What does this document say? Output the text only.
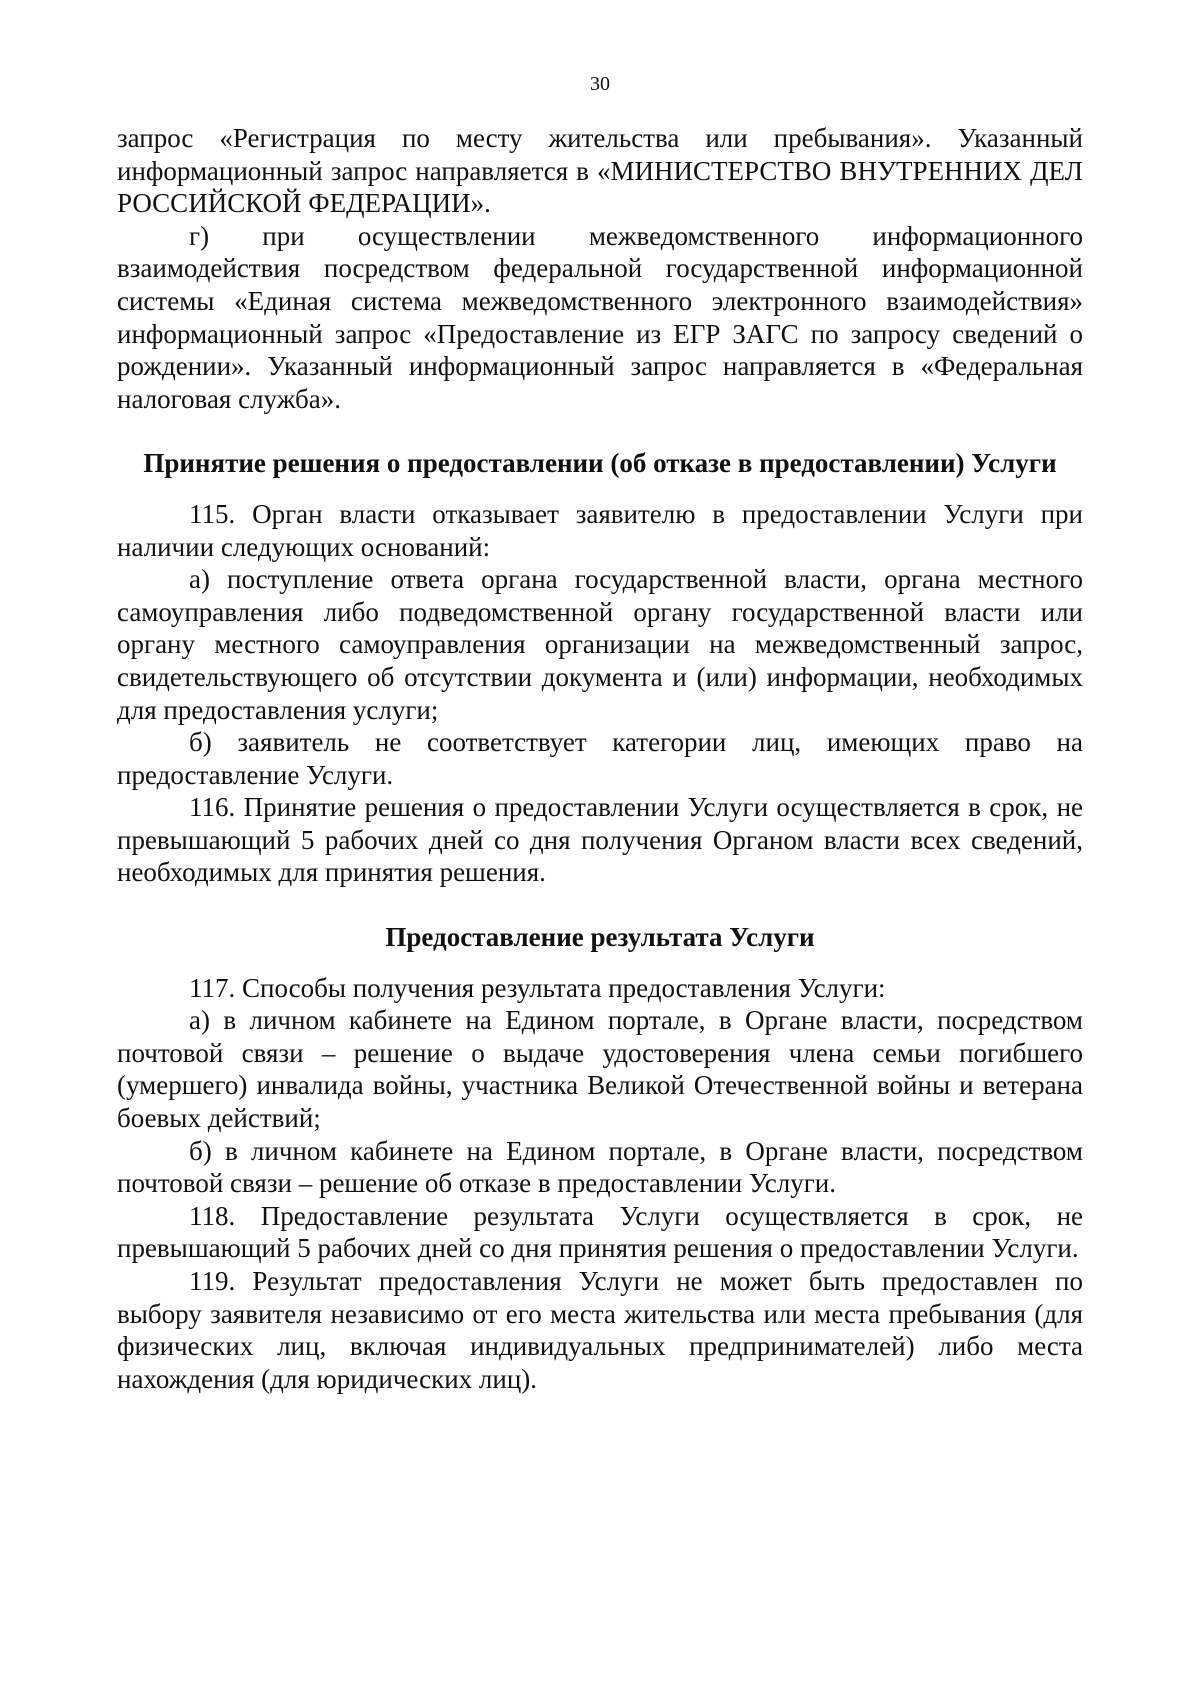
30

запрос «Регистрация по месту жительства или пребывания». Указанный информационный запрос направляется в «МИНИСТЕРСТВО ВНУТРЕННИХ ДЕЛ РОССИЙСКОЙ ФЕДЕРАЦИИ».

г) при осуществлении межведомственного информационного взаимодействия посредством федеральной государственной информационной системы «Единая система межведомственного электронного взаимодействия» информационный запрос «Предоставление из ЕГР ЗАГС по запросу сведений о рождении». Указанный информационный запрос направляется в «Федеральная налоговая служба».

Принятие решения о предоставлении (об отказе в предоставлении) Услуги

115. Орган власти отказывает заявителю в предоставлении Услуги при наличии следующих оснований:

а) поступление ответа органа государственной власти, органа местного самоуправления либо подведомственной органу государственной власти или органу местного самоуправления организации на межведомственный запрос, свидетельствующего об отсутствии документа и (или) информации, необходимых для предоставления услуги;

б) заявитель не соответствует категории лиц, имеющих право на предоставление Услуги.

116. Принятие решения о предоставлении Услуги осуществляется в срок, не превышающий 5 рабочих дней со дня получения Органом власти всех сведений, необходимых для принятия решения.

Предоставление результата Услуги

117. Способы получения результата предоставления Услуги:

а) в личном кабинете на Едином портале, в Органе власти, посредством почтовой связи – решение о выдаче удостоверения члена семьи погибшего (умершего) инвалида войны, участника Великой Отечественной войны и ветерана боевых действий;

б) в личном кабинете на Едином портале, в Органе власти, посредством почтовой связи – решение об отказе в предоставлении Услуги.

118. Предоставление результата Услуги осуществляется в срок, не превышающий 5 рабочих дней со дня принятия решения о предоставлении Услуги.

119. Результат предоставления Услуги не может быть предоставлен по выбору заявителя независимо от его места жительства или места пребывания (для физических лиц, включая индивидуальных предпринимателей) либо места нахождения (для юридических лиц).
